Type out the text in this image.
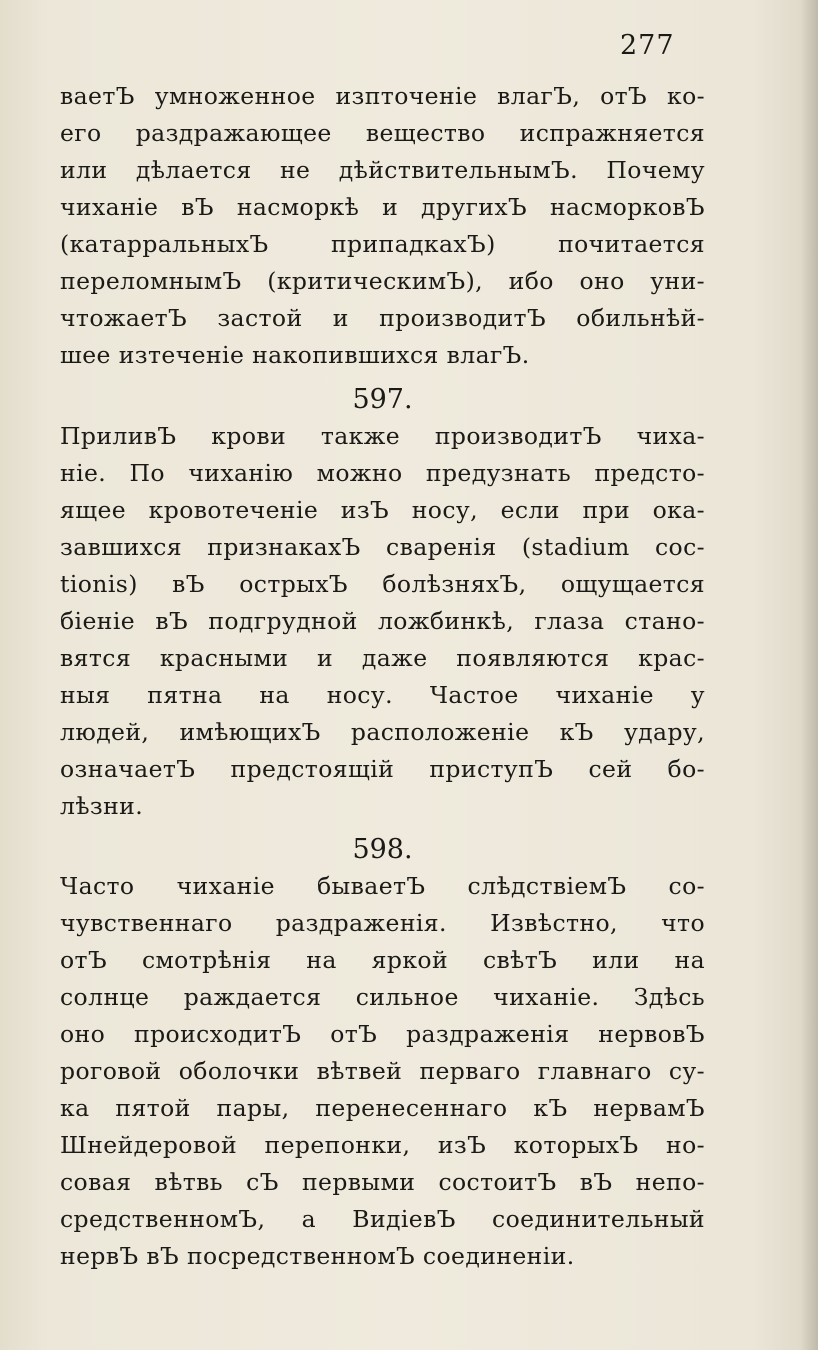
277
ваетЪ умноженное изпточеніе влагЪ, отЪ ко-
его раздражающее вещество испражняется
или дѣлается не дѣйствительнымЪ. Почему
чиханіе вЪ насморкѣ и другихЪ насморковЪ
(катарральныхЪ припадкахЪ) почитается
переломнымЪ (критическимЪ), ибо оно уни-
чтожаетЪ застой и производитЪ обильнѣй-
шее изтеченіе накопившихся влагЪ.
597.
ПриливЪ крови также производитЪ чиха-
ніе. По чиханію можно предузнать предсто-
ящее кровотеченіе изЪ носу, если при ока-
завшихся признакахЪ сваренія (stadium coc-
tionis) вЪ острыхЪ болѣзняхЪ, ощущается
біеніе вЪ подгрудной ложбинкѣ, глаза стано-
вятся красными и даже появляются крас-
ныя пятна на носу. Частое чиханіе у
людей, имѣющихЪ расположеніе кЪ удару,
означаетЪ предстоящій приступЪ сей бо-
лѣзни.
598.
Часто чиханіе бываетЪ слѣдствіемЪ со-
чувственнаго раздраженія. Извѣстно, что
отЪ смотрѣнія на яркой свѣтЪ или на
солнце раждается сильное чиханіе. Здѣсь
оно происходитЪ отЪ раздраженія нервовЪ
роговой оболочки вѣтвей перваго главнаго су-
ка пятой пары, перенесеннаго кЪ нервамЪ
Шнейдеровой перепонки, изЪ которыхЪ но-
совая вѣтвь сЪ первыми состоитЪ вЪ непо-
средственномЪ, а ВидіевЪ соединительный
нервЪ вЪ посредственномЪ соединеніи.
